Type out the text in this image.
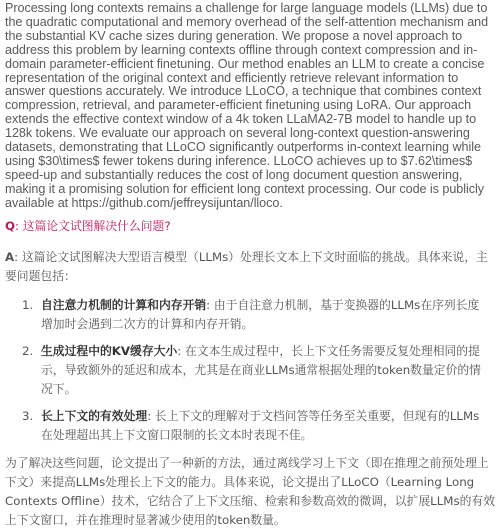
Processing long contexts remains a challenge for large language models (LLMs) due to the quadratic computational and memory overhead of the self-attention mechanism and the substantial KV cache sizes during generation. We propose a novel approach to address this problem by learning contexts offline through context compression and in-domain parameter-efficient finetuning. Our method enables an LLM to create a concise representation of the original context and efficiently retrieve relevant information to answer questions accurately. We introduce LLoCO, a technique that combines context compression, retrieval, and parameter-efficient finetuning using LoRA. Our approach extends the effective context window of a 4k token LLaMA2-7B model to handle up to 128k tokens. We evaluate our approach on several long-context question-answering datasets, demonstrating that LLoCO significantly outperforms in-context learning while using $30\times$ fewer tokens during inference. LLoCO achieves up to $7.62\times$ speed-up and substantially reduces the cost of long document question answering, making it a promising solution for efficient long context processing. Our code is publicly available at https://github.com/jeffreysijuntan/lloco.

Q: 这篇论文试图解决什么问题?

A: 这篇论文试图解决大型语言模型（LLMs）处理长文本上下文时面临的挑战。具体来说，主要问题包括：

1. 自注意力机制的计算和内存开销: 由于自注意力机制，基于变换器的LLMs在序列长度增加时会遇到二次方的计算和内存开销。
2. 生成过程中的KV缓存大小: 在文本生成过程中，长上下文任务需要反复处理相同的提示，导致额外的延迟和成本，尤其是在商业LLMs通常根据处理的token数量定价的情况下。
3. 长上下文的有效处理: 长上下文的理解对于文档问答等任务至关重要，但现有的LLMs在处理超出其上下文窗口限制的长文本时表现不佳。

为了解决这些问题，论文提出了一种新的方法，通过离线学习上下文（即在推理之前预处理上下文）来提高LLMs处理长上下文的能力。具体来说，论文提出了LLoCO（Learning Long Contexts Offline）技术，它结合了上下文压缩、检索和参数高效的微调，以扩展LLMs的有效上下文窗口，并在推理时显著减少使用的token数量。
